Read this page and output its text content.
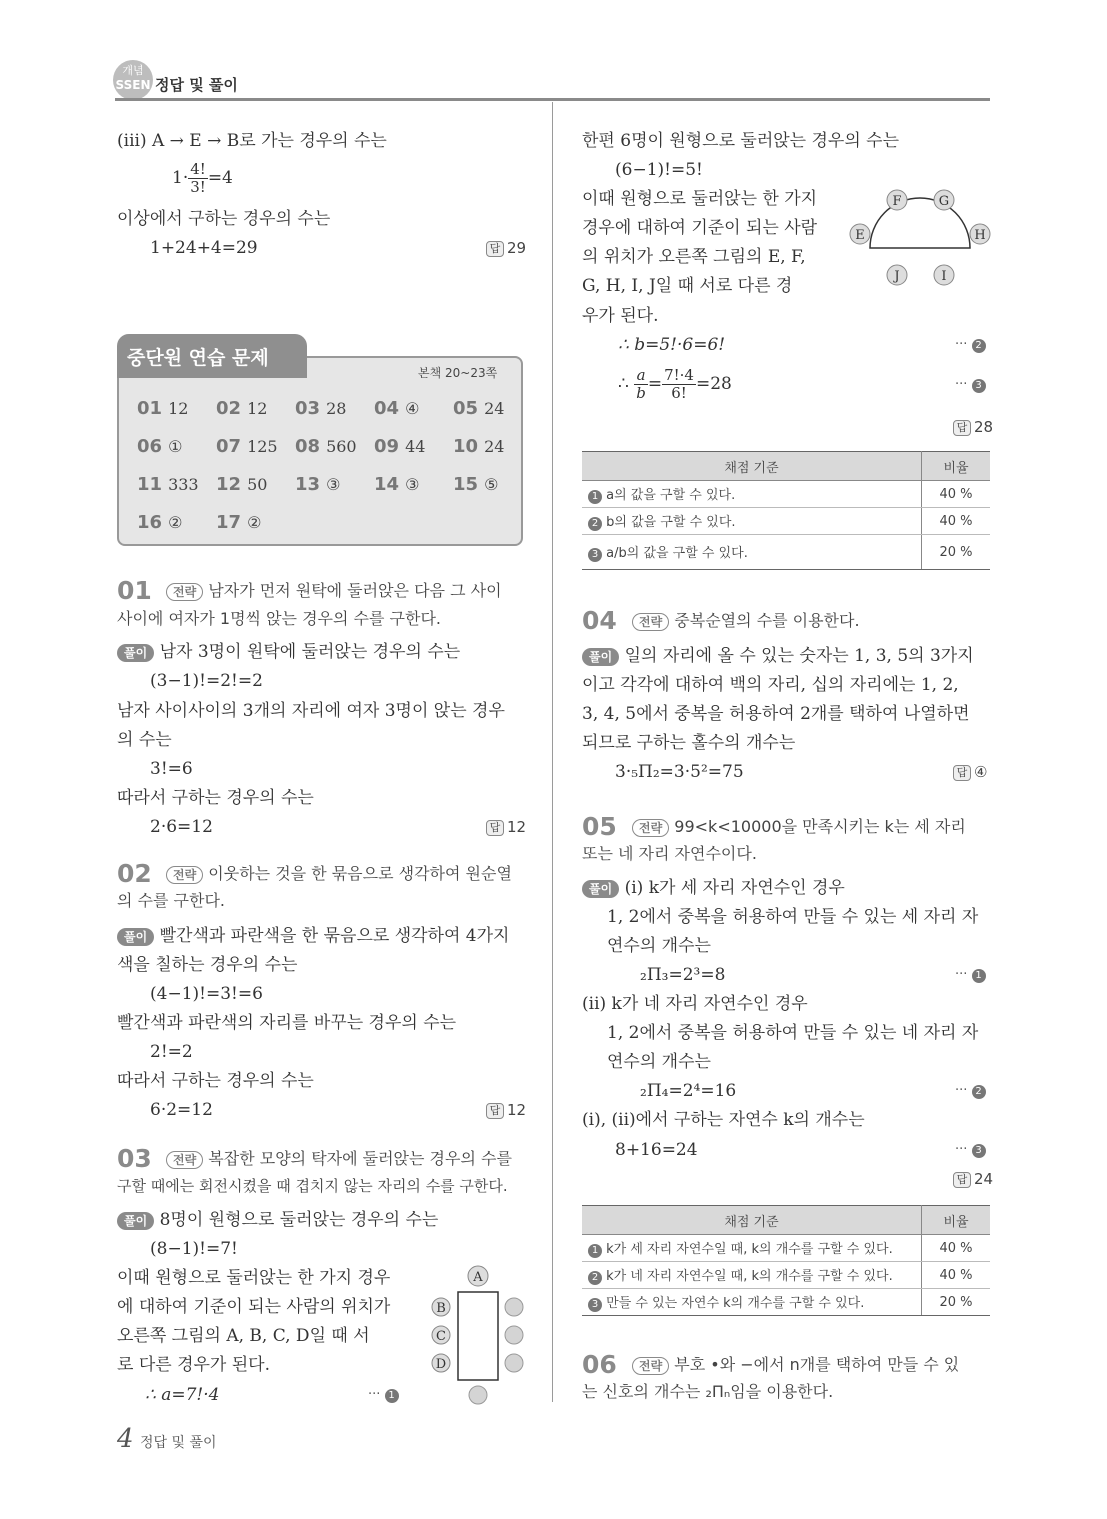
개념
SSEN 정답 및 풀이
(iii) A → E → B로 가는 경우의 수는
$1\cdot \frac{4!}{3!} =4$
이상에서 구하는 경우의 수는
1+24+4=29	답 29
중단원 연습 문제
본책 20~23쪽
01 12 02 12 03 28 04 ④ 05 24
06 ① 07 125 08 560 09 44 10 24
11 333 12 50 13 ③ 14 ③ 15 ⑤
16 ② 17 ②
01	전략 남자가 먼저 원탁에 둘러앉은 다음 그 사이
사이에 여자가 1명씩 앉는 경우의 수를 구한다.
풀이 남자 3명이 원탁에 둘러앉는 경우의 수는
(3−1)!=2!=2
남자 사이사이의 3개의 자리에 여자 3명이 앉는 경우
의 수는
3!=6
따라서 구하는 경우의 수는
2·6=12	답 12
02	전략 이웃하는 것을 한 묶음으로 생각하여 원순열
의 수를 구한다.
풀이 빨간색과 파란색을 한 묶음으로 생각하여 4가지
색을 칠하는 경우의 수는
(4−1)!=3!=6
빨간색과 파란색의 자리를 바꾸는 경우의 수는
2!=2
따라서 구하는 경우의 수는
6·2=12	답 12
03	전략 복잡한 모양의 탁자에 둘러앉는 경우의 수를
구할 때에는 회전시켰을 때 겹치지 않는 자리의 수를 구한다.
풀이 8명이 원형으로 둘러앉는 경우의 수는
(8−1)!=7!
이때 원형으로 둘러앉는 한 가지 경우
에 대하여 기준이 되는 사람의 위치가
오른쪽 그림의 A, B, C, D일 때 서
로 다른 경우가 된다.
∴ a=7!·4	··· 1
A
B
C
D
4 정답 및 풀이
한편 6명이 원형으로 둘러앉는 경우의 수는
(6−1)!=5!
이때 원형으로 둘러앉는 한 가지
경우에 대하여 기준이 되는 사람
의 위치가 오른쪽 그림의 E, F,
G, H, I, J일 때 서로 다른 경
우가 된다.
∴ b=5!·6=6!	··· 2
∴ $\frac{a}{b} = \frac{7!\cdot 4}{6!} =28$	··· 3
답 28
F	G
E	H
J	I
채점 기준	비율
1 a의 값을 구할 수 있다.	40 %
2 b의 값을 구할 수 있다.	40 %
3 a/b의 값을 구할 수 있다.	20 %
04	전략 중복순열의 수를 이용한다.
풀이 일의 자리에 올 수 있는 숫자는 1, 3, 5의 3가지
이고 각각에 대하여 백의 자리, 십의 자리에는 1, 2,
3, 4, 5에서 중복을 허용하여 2개를 택하여 나열하면
되므로 구하는 홀수의 개수는
3·₅Π₂=3·5²=75	답 ④
05	전략 99<k<10000을 만족시키는 k는 세 자리
또는 네 자리 자연수이다.
풀이 (i) k가 세 자리 자연수인 경우
1, 2에서 중복을 허용하여 만들 수 있는 세 자리 자
연수의 개수는
₂Π₃=2³=8	··· 1
(ii) k가 네 자리 자연수인 경우
1, 2에서 중복을 허용하여 만들 수 있는 네 자리 자
연수의 개수는
₂Π₄=2⁴=16	··· 2
(i), (ii)에서 구하는 자연수 k의 개수는
8+16=24	··· 3
답 24
채점 기준	비율
1 k가 세 자리 자연수일 때, k의 개수를 구할 수 있다.	40 %
2 k가 네 자리 자연수일 때, k의 개수를 구할 수 있다.	40 %
3 만들 수 있는 자연수 k의 개수를 구할 수 있다.	20 %
06	전략 부호 •와 −에서 n개를 택하여 만들 수 있
는 신호의 개수는 ₂Πₙ임을 이용한다.
